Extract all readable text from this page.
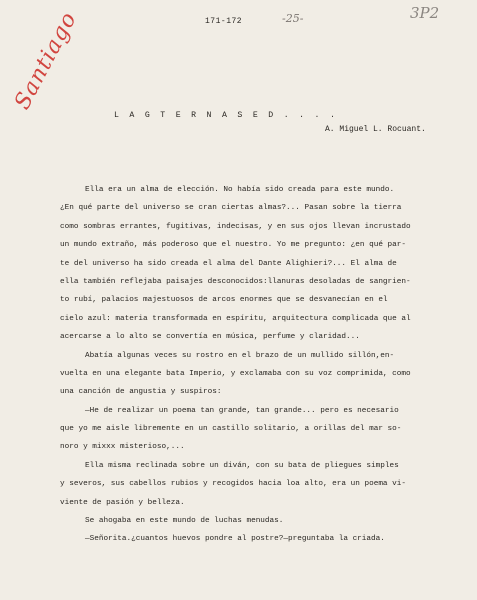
171-172	-25-	3P2
Santiago
L A G T E R N A S E D . . . .
A. Miguel L. Rocuant.
Ella era un alma de elección. No había sido creada para este mundo.
¿En qué parte del universo se cran ciertas almas?... Pasan sobre la tierra
como sombras errantes, fugitivas, indecisas, y en sus ojos llevan incrustado
un mundo extraño, más poderoso que el nuestro. Yo me pregunto: ¿en qué par-
te del universo ha sido creada el alma del Dante Alighieri?... El alma de
ella también reflejaba paisajes desconocidos:llanuras desoladas de sangrien-
to rubí, palacios majestuosos de arcos enormes que se desvanecían en el
cielo azul: materia transformada en espíritu, arquitectura complicada que al
acercarse a lo alto se convertía en música, perfume y claridad...
Abatía algunas veces su rostro en el brazo de un mullido sillón,en-
vuelta en una elegante bata Imperio, y exclamaba con su voz comprimida, como
una canción de angustia y suspiros:
—He de realizar un poema tan grande, tan grande... pero es necesario
que yo me aisle libremente en un castillo solitario, a orillas del mar so-
noro y mixxx misterioso,...
Ella misma reclinada sobre un diván, con su bata de pliegues simples
y severos, sus cabellos rubios y recogidos hacia loa alto, era un poema vi-
viente de pasión y belleza.
Se ahogaba en este mundo de luchas menudas.
—Señorita.¿cuantos huevos pondre al postre?—preguntaba la criada.
